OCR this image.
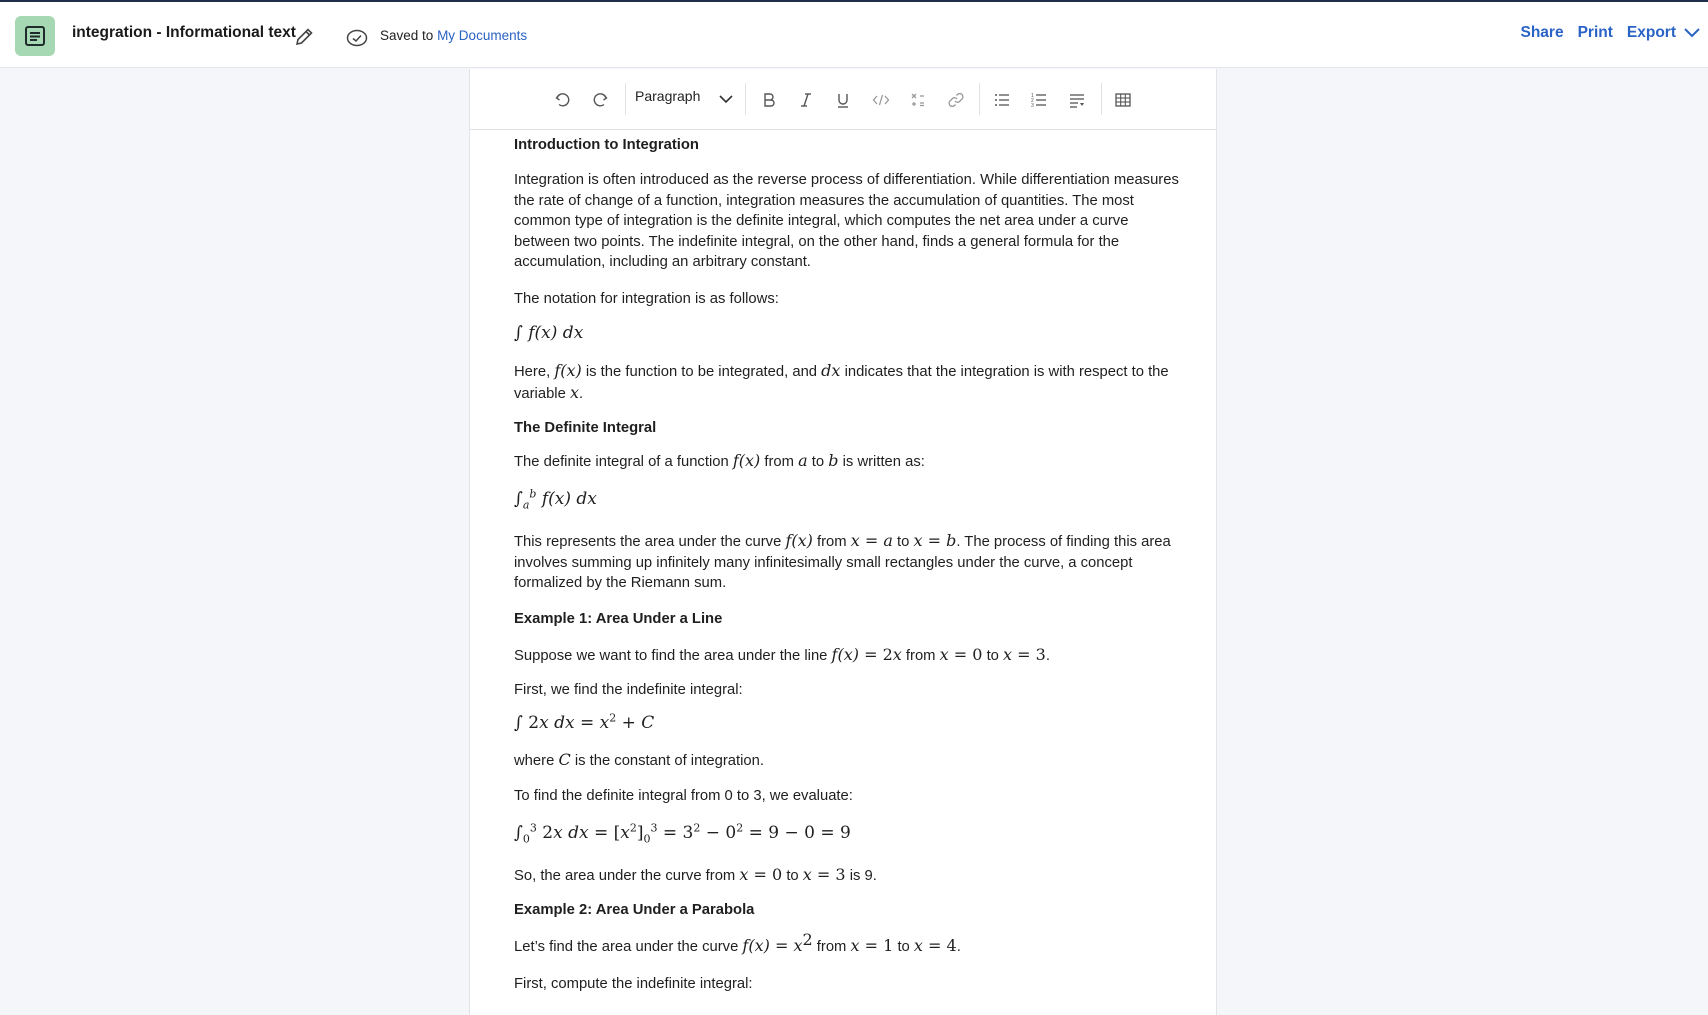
integration - Informational text	Saved to My Documents	Share Print Export
Paragraph	1
2
3

Introduction to Integration

Integration is often introduced as the reverse process of differentiation. While differentiation measures the rate of change of a function, integration measures the accumulation of quantities. The most common type of integration is the definite integral, which computes the net area under a curve between two points. The indefinite integral, on the other hand, finds a general formula for the accumulation, including an arbitrary constant.

The notation for integration is as follows:

∫ f(x) dx

Here, f(x) is the function to be integrated, and dx indicates that the integration is with respect to the variable x.

The Definite Integral

The definite integral of a function f(x) from a to b is written as:

$\int_a^b$ f(x) dx

This represents the area under the curve f(x) from x = a to x = b. The process of finding this area involves summing up infinitely many infinitesimally small rectangles under the curve, a concept formalized by the Riemann sum.

Example 1: Area Under a Line

Suppose we want to find the area under the line f(x) = 2x from x = 0 to x = 3.

First, we find the indefinite integral:

∫ 2x dx = $x^2 + C$

where C is the constant of integration.

To find the definite integral from 0 to 3, we evaluate:

$\int_0^3$ 2x dx = $[x^2]_0^3 = 3^2 - 0^2 = 9 - 0 = 9$

So, the area under the curve from x = 0 to x = 3 is 9.

Example 2: Area Under a Parabola

Let’s find the area under the curve $f(x) = x^2$ from x = 1 to x = 4.

First, compute the indefinite integral:
